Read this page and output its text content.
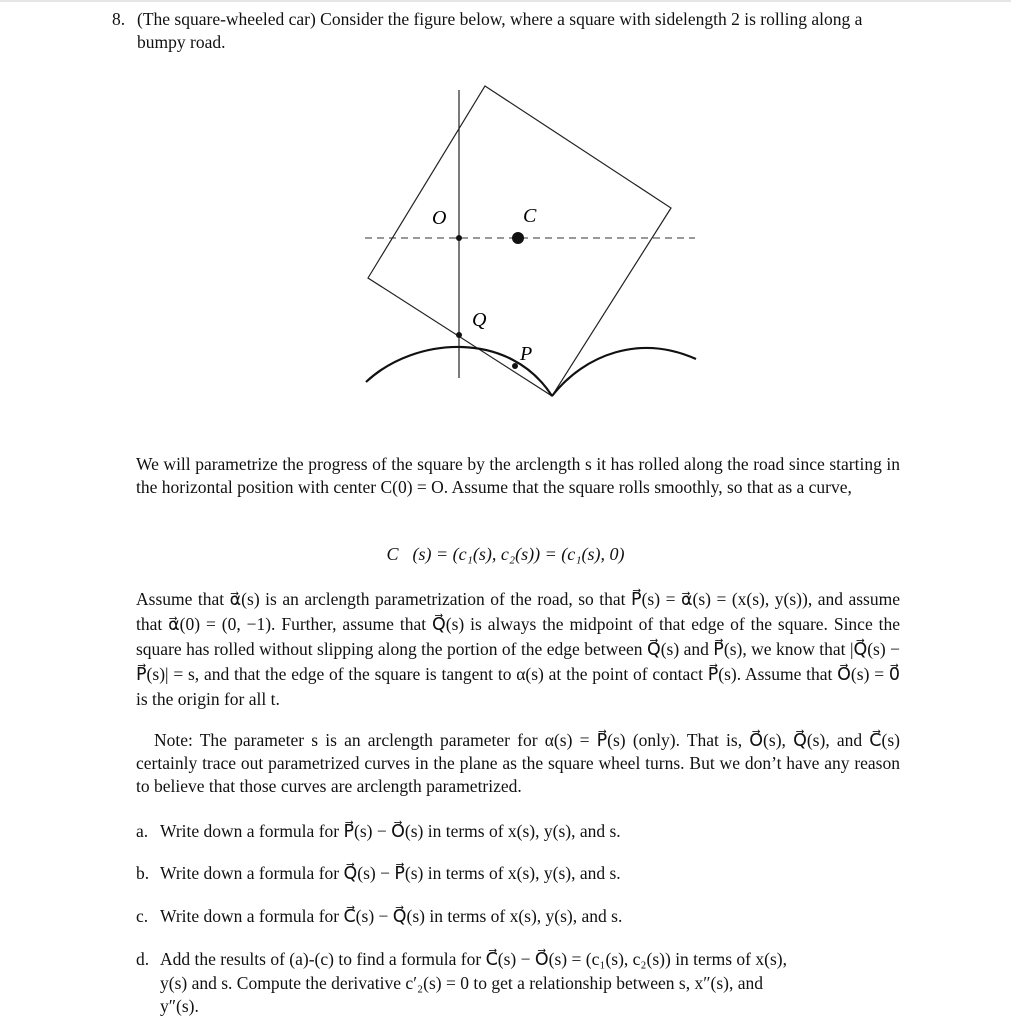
8. (The square-wheeled car) Consider the figure below, where a square with sidelength 2 is rolling along a bumpy road.
O	C
Q
P
We will parametrize the progress of the square by the arclength s it has rolled along the road since starting in the horizontal position with center C(0) = O. Assume that the square rolls smoothly, so that as a curve,
C⃗(s) = (c₁(s), c₂(s)) = (c₁(s), 0)
Assume that α⃗(s) is an arclength parametrization of the road, so that P⃗(s) = α⃗(s) = (x(s), y(s)), and assume that α⃗(0) = (0, −1). Further, assume that Q⃗(s) is always the midpoint of that edge of the square. Since the square has rolled without slipping along the portion of the edge between Q⃗(s) and P⃗(s), we know that |Q⃗(s) − P⃗(s)| = s, and that the edge of the square is tangent to α(s) at the point of contact P⃗(s). Assume that O⃗(s) = 0⃗ is the origin for all t.
Note: The parameter s is an arclength parameter for α(s) = P⃗(s) (only). That is, O⃗(s), Q⃗(s), and C⃗(s) certainly trace out parametrized curves in the plane as the square wheel turns. But we don’t have any reason to believe that those curves are arclength parametrized.
a. Write down a formula for P⃗(s) − O⃗(s) in terms of x(s), y(s), and s.
b. Write down a formula for Q⃗(s) − P⃗(s) in terms of x(s), y(s), and s.
c. Write down a formula for C⃗(s) − Q⃗(s) in terms of x(s), y(s), and s.
d. Add the results of (a)-(c) to find a formula for C⃗(s) − O⃗(s) = (c₁(s), c₂(s)) in terms of x(s),
y(s) and s. Compute the derivative c′₂(s) = 0 to get a relationship between s, x″(s), and
y″(s).
